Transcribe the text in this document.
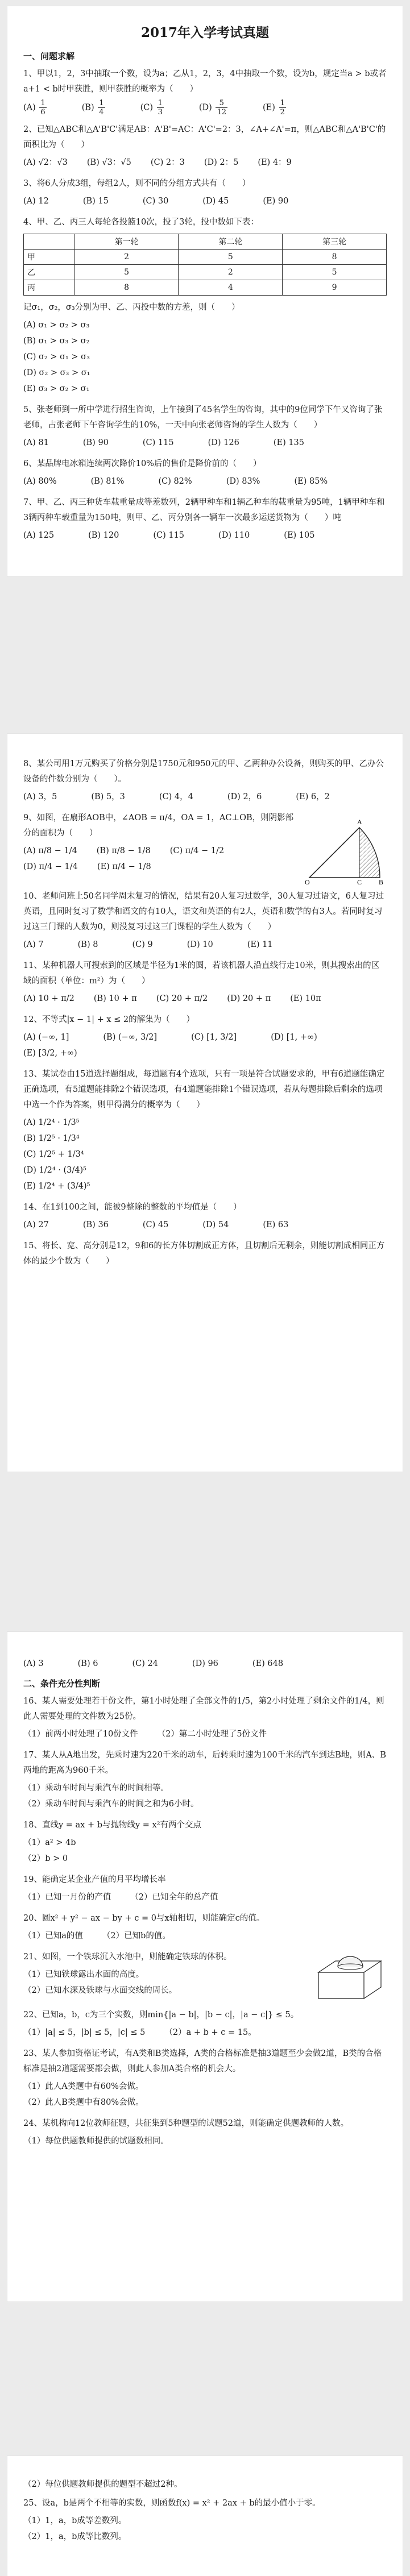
2017年入学考试真题
一、问题求解
1、甲以1，2，3中抽取一个数，设为a；乙从1，2，3，4中抽取一个数，设为b，规定当a > b或者a+1 < b时甲获胜，则甲获胜的概率为（　　）
$(A) \frac{1}{6}$	$(B) \frac{1}{4}$	$(C) \frac{1}{3}$	$(D) \frac{5}{12}$	$(E) \frac{1}{2}$
2、已知△ABC和△A'B'C'满足AB：A'B'=AC：A'C'=2：3，∠A+∠A'=π，则△ABC和△A'B'C'的面积比为（　　）
(A) √2：√3 (B) √3：√5 (C) 2：3 (D) 2：5 (E) 4：9
3、将6人分成3组，每组2人，则不同的分组方式共有（　　）
(A) 12	(B) 15	(C) 30	(D) 45	(E) 90
4、甲、乙、丙三人每轮各投篮10次，投了3轮，投中数如下表：
	第一轮	第二轮	第三轮
甲	2	5	8
乙	5	2	5
丙	8	4	9
记σ₁，σ₂，σ₃分别为甲、乙、丙投中数的方差，则（　　）
(A) σ₁ > σ₂ > σ₃
(B) σ₁ > σ₃ > σ₂
(C) σ₂ > σ₁ > σ₃
(D) σ₂ > σ₃ > σ₁
(E) σ₃ > σ₂ > σ₁
5、张老师到一所中学进行招生咨询，上午接到了45名学生的咨询，其中的9位同学下午又咨询了张老师，占张老师下午咨询学生的10%，一天中向张老师咨询的学生人数为（　　）
(A) 81	(B) 90	(C) 115	(D) 126	(E) 135
6、某品牌电冰箱连续两次降价10%后的售价是降价前的（　　）
(A) 80%	(B) 81%	(C) 82%	(D) 83%	(E) 85%
7、甲、乙、丙三种货车载重量成等差数列，2辆甲种车和1辆乙种车的载重量为95吨，1辆甲种车和3辆丙种车载重量为150吨，则甲、乙、丙分别各一辆车一次最多运送货物为（　　）吨
(A) 125	(B) 120	(C) 115	(D) 110	(E) 105
8、某公司用1万元购买了价格分别是1750元和950元的甲、乙两种办公设备，则购买的甲、乙办公设备的件数分别为（　　）。
(A) 3，5	(B) 5，3	(C) 4，4	(D) 2，6	(E) 6，2
A
O	C B
9、如图，在扇形AOB中，∠AOB = π/4，OA = 1，AC⊥OB，则阴影部分的面积为（　　）
(A) π/8 − 1/4 (B) π/8 − 1/8 (C) π/4 − 1/2
(D) π/4 − 1/4 (E) π/4 − 1/8
10、老师问班上50名同学周末复习的情况，结果有20人复习过数学，30人复习过语文，6人复习过英语，且同时复习了数学和语文的有10人，语文和英语的有2人，英语和数学的有3人。若同时复习过这三门课的人数为0，则没复习过这三门课程的学生人数为（　　）
(A) 7	(B) 8	(C) 9	(D) 10	(E) 11
11、某种机器人可搜索到的区域是半径为1米的圆，若该机器人沿直线行走10米，则其搜索出的区域的面积（单位：m²）为（　　）
(A) 10 + π/2 (B) 10 + π (C) 20 + π/2 (D) 20 + π (E) 10π
12、不等式|x − 1| + x ≤ 2的解集为（　　）
(A) (−∞, 1]	(B) (−∞, 3/2]	(C) [1, 3/2]	(D) [1, +∞)
(E) [3/2, +∞)
13、某试卷由15道选择题组成，每道题有4个选项，只有一项是符合试题要求的，甲有6道题能确定正确选项，有5道题能排除2个错误选项，有4道题能排除1个错误选项，若从每题排除后剩余的选项中选一个作为答案，则甲得满分的概率为（　　）
(A) 1/2⁴ · 1/3⁵
(B) 1/2⁵ · 1/3⁴
(C) 1/2⁵ + 1/3⁴
(D) 1/2⁴ · (3/4)⁵
(E) 1/2⁴ + (3/4)⁵
14、在1到100之间，能被9整除的整数的平均值是（　　）
(A) 27	(B) 36	(C) 45	(D) 54	(E) 63
15、将长、宽、高分别是12，9和6的长方体切割成正方体，且切割后无剩余，则能切割成相同正方体的最少个数为（　　）
(A) 3	(B) 6	(C) 24	(D) 96	(E) 648
二、条件充分性判断
16、某人需要处理若干份文件，第1小时处理了全部文件的1/5，第2小时处理了剩余文件的1/4，则此人需要处理的文件数为25份。
（1）前两小时处理了10份文件 （2）第二小时处理了5份文件
17、某人从A地出发，先乘时速为220千米的动车，后转乘时速为100千米的汽车到达B地，则A、B两地的距离为960千米。
（1）乘动车时间与乘汽车的时间相等。
（2）乘动车时间与乘汽车的时间之和为6小时。
18、直线y = ax + b与抛物线y = x²有两个交点
（1）a² > 4b
（2）b > 0
19、能确定某企业产值的月平均增长率
（1）已知一月份的产值 （2）已知全年的总产值
20、圆x² + y² − ax − by + c = 0与x轴相切，则能确定c的值。
（1）已知a的值 （2）已知b的值。
21、如图，一个铁球沉入水池中，则能确定铁球的体积。
（1）已知铁球露出水面的高度。
（2）已知水深及铁球与水面交线的周长。
22、已知a，b，c为三个实数，则min{|a − b|，|b − c|，|a − c|} ≤ 5。
（1）|a| ≤ 5，|b| ≤ 5，|c| ≤ 5 （2）a + b + c = 15。
23、某人参加资格证考试，有A类和B类选择，A类的合格标准是抽3道题至少会做2道，B类的合格标准是抽2道题需要都会做，则此人参加A类合格的机会大。
（1）此人A类题中有60%会做。
（2）此人B类题中有80%会做。
24、某机构向12位教师征题，共征集到5种题型的试题52道，则能确定供题教师的人数。
（1）每位供题教师提供的试题数相同。
（2）每位供题教师提供的题型不超过2种。
25、设a，b是两个不相等的实数，则函数f(x) = x² + 2ax + b的最小值小于零。
（1）1，a，b成等差数列。
（2）1，a，b成等比数列。
